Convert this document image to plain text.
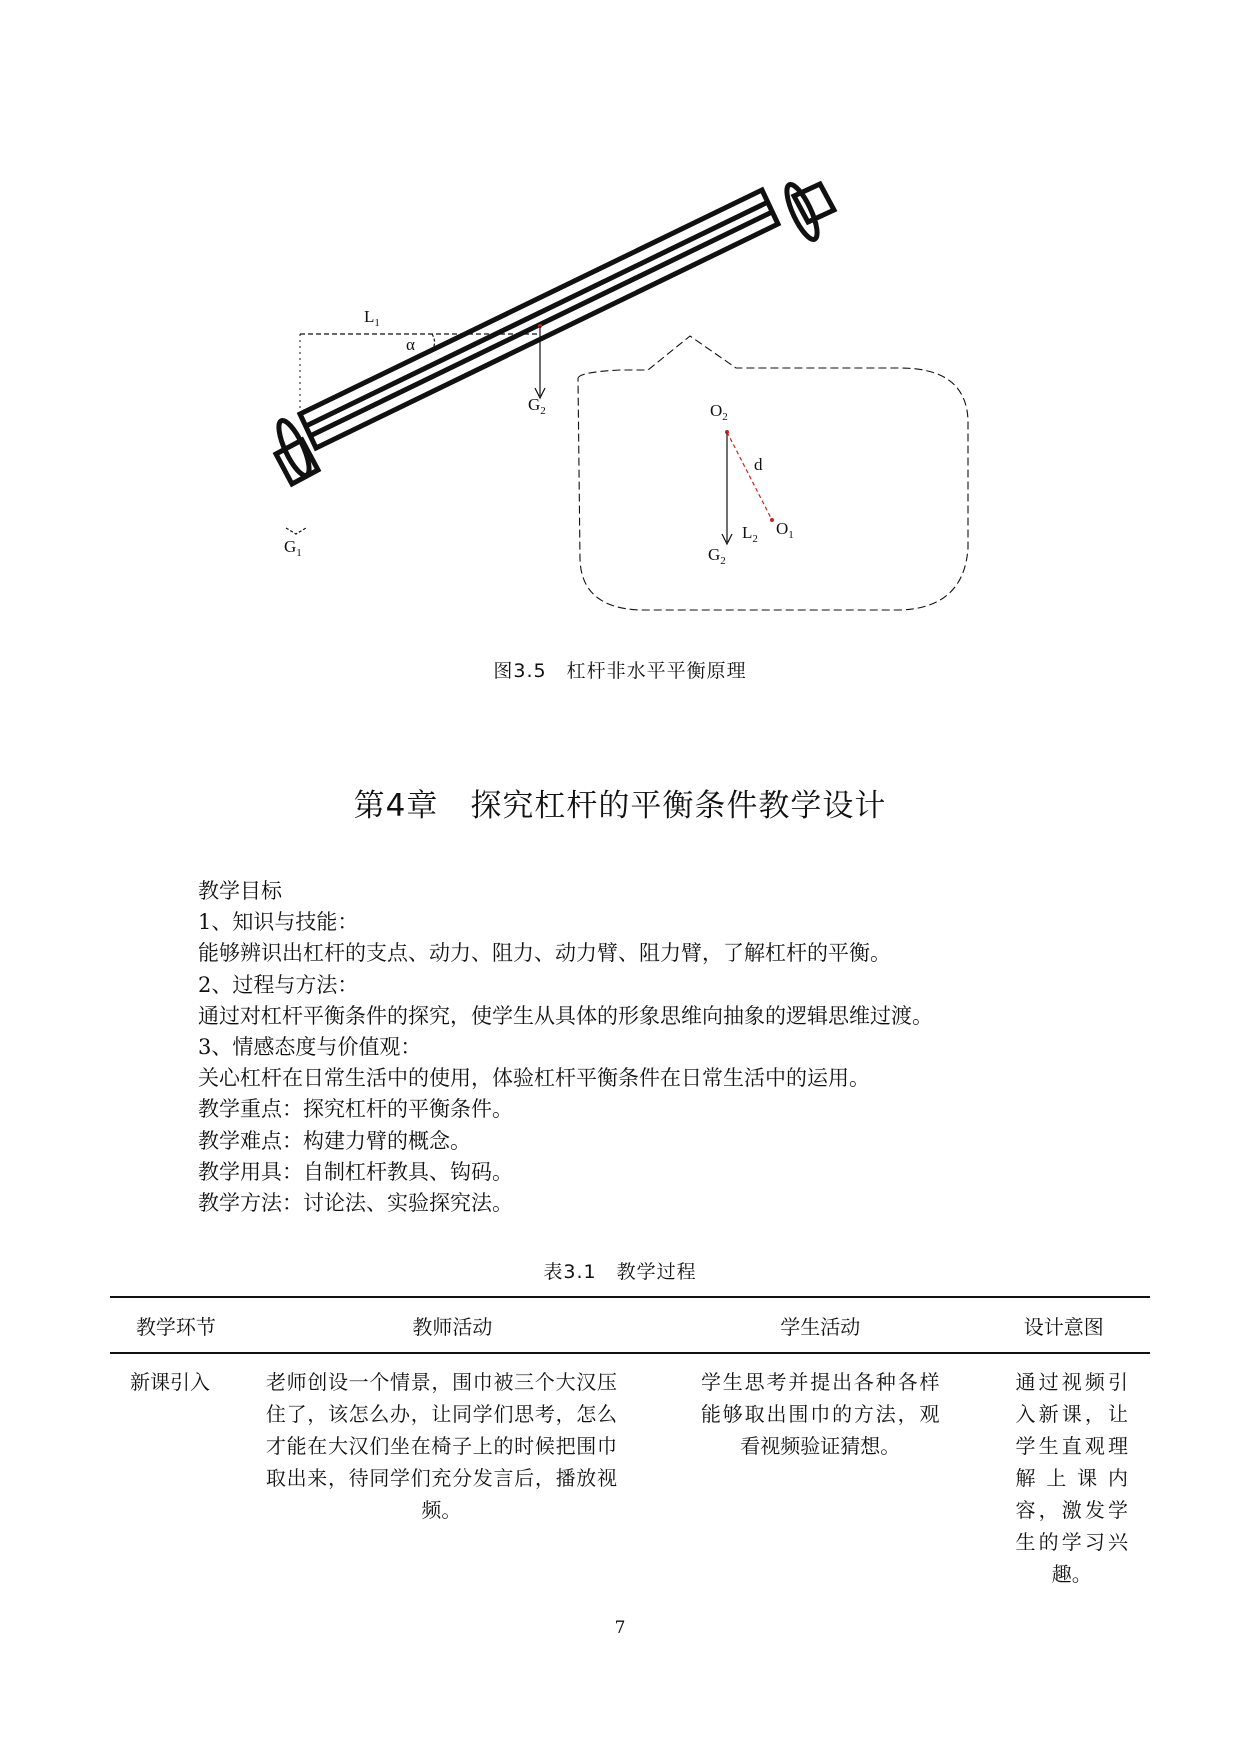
$L_1$
α
$G_2$
$G_1$
$O_2$
d
$L_2$
$O_1$
$G_2$
图3.5　杠杆非水平平衡原理
第4章　探究杠杆的平衡条件教学设计
教学目标
1、知识与技能：
能够辨识出杠杆的支点、动力、阻力、动力臂、阻力臂，了解杠杆的平衡。
2、过程与方法：
通过对杠杆平衡条件的探究，使学生从具体的形象思维向抽象的逻辑思维过渡。
3、情感态度与价值观：
关心杠杆在日常生活中的使用，体验杠杆平衡条件在日常生活中的运用。
教学重点：探究杠杆的平衡条件。
教学难点：构建力臂的概念。
教学用具：自制杠杆教具、钩码。
教学方法：讨论法、实验探究法。
表3.1　教学过程
教学环节	教师活动	学生活动	设计意图
新课引入	老师创设一个情景，围巾被三个大汉压住了，该怎么办，让同学们思考，怎么才能在大汉们坐在椅子上的时候把围巾取出来，待同学们充分发言后，播放视频。	学生思考并提出各种各样能够取出围巾的方法，观看视频验证猜想。	通过视频引入新课，让学生直观理解上课内容，激发学生的学习兴趣。
7
